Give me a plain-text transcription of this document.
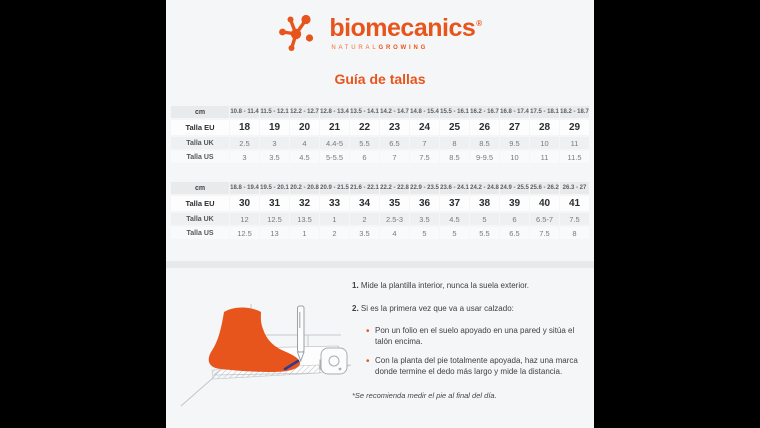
biomecanics®
NATURALGROWING
Guía de tallas
cm	10.8 - 11.4	11.5 - 12.1	12.2 - 12.7	12.8 - 13.4	13.5 - 14.1	14.2 - 14.7	14.8 - 15.4	15.5 - 16.1	16.2 - 16.7	16.8 - 17.4	17.5 - 18.1	18.2 - 18.7
Talla EU	18	19	20	21	22	23	24	25	26	27	28	29
Talla UK	2.5	3	4	4.4-5	5.5	6.5	7	8	8.5	9.5	10	11
Talla US	3	3.5	4.5	5-5.5	6	7	7.5	8.5	9-9.5	10	11	11.5
cm	18.8 - 19.4	19.5 - 20.1	20.2 - 20.8	20.9 - 21.5	21.6 - 22.1	22.2 - 22.8	22.9 - 23.5	23.6 - 24.1	24.2 - 24.8	24.9 - 25.5	25.6 - 26.2	26.3 - 27
Talla EU	30	31	32	33	34	35	36	37	38	39	40	41
Talla UK	12	12.5	13.5	1	2	2.5-3	3.5	4.5	5	6	6.5-7	7.5
Talla US	12.5	13	1	2	3.5	4	5	5	5.5	6.5	7.5	8

1. Mide la plantilla interior, nunca la suela exterior.

2. Si es la primera vez que va a usar calzado:

• Pon un folio en el suelo apoyado en una pared y sitúa el talón encima.
• Con la planta del pie totalmente apoyada, haz una marca donde termine el dedo más largo y mide la distancia.

*Se recomienda medir el pie al final del día.
